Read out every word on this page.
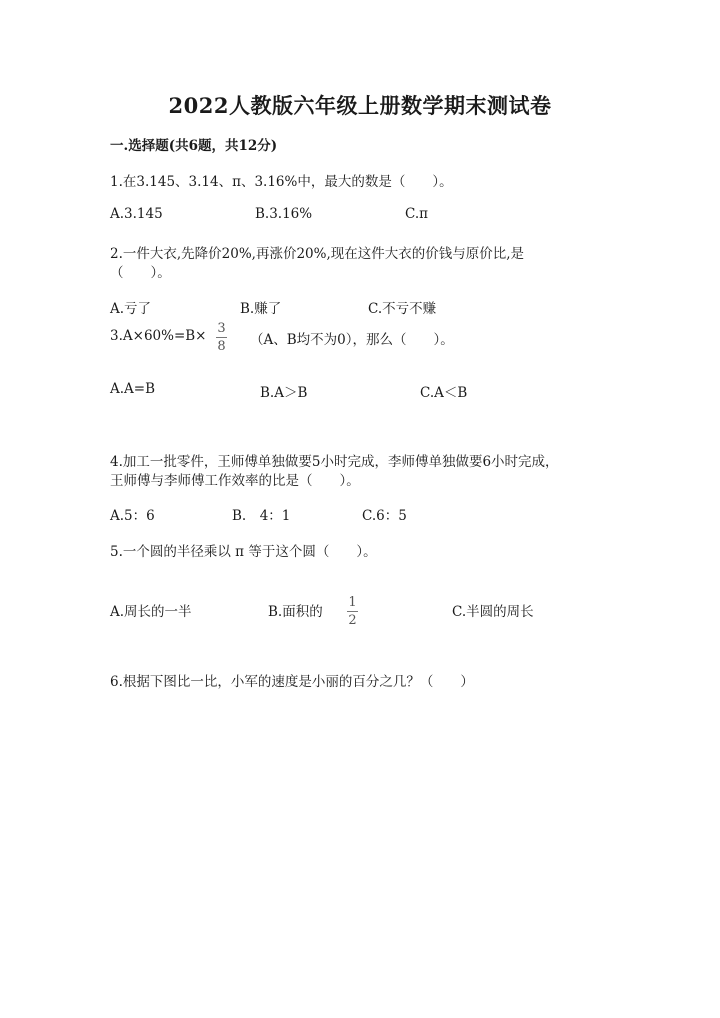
2022人教版六年级上册数学期末测试卷
一.选择题(共6题，共12分)
1.在3.145、3.14、π、3.16%中，最大的数是（　　）。
A.3.145	B.3.16%	C.π
2.一件大衣,先降价20%,再涨价20%,现在这件大衣的价钱与原价比,是
（　　）。
A.亏了	B.赚了	C.不亏不赚
3.A×60%=B× 3
8 （A、B均不为0），那么（　　）。
A.A=B	B.A＞B	C.A＜B
4.加工一批零件，王师傅单独做要5小时完成，李师傅单独做要6小时完成，
王师傅与李师傅工作效率的比是（　　）。
A.5：6	B.　4：1	C.6：5
5.一个圆的半径乘以 π 等于这个圆（　　）。
A.周长的一半	B.面积的
1
2
C.半圆的周长
6.根据下图比一比，小军的速度是小丽的百分之几？（　　）
